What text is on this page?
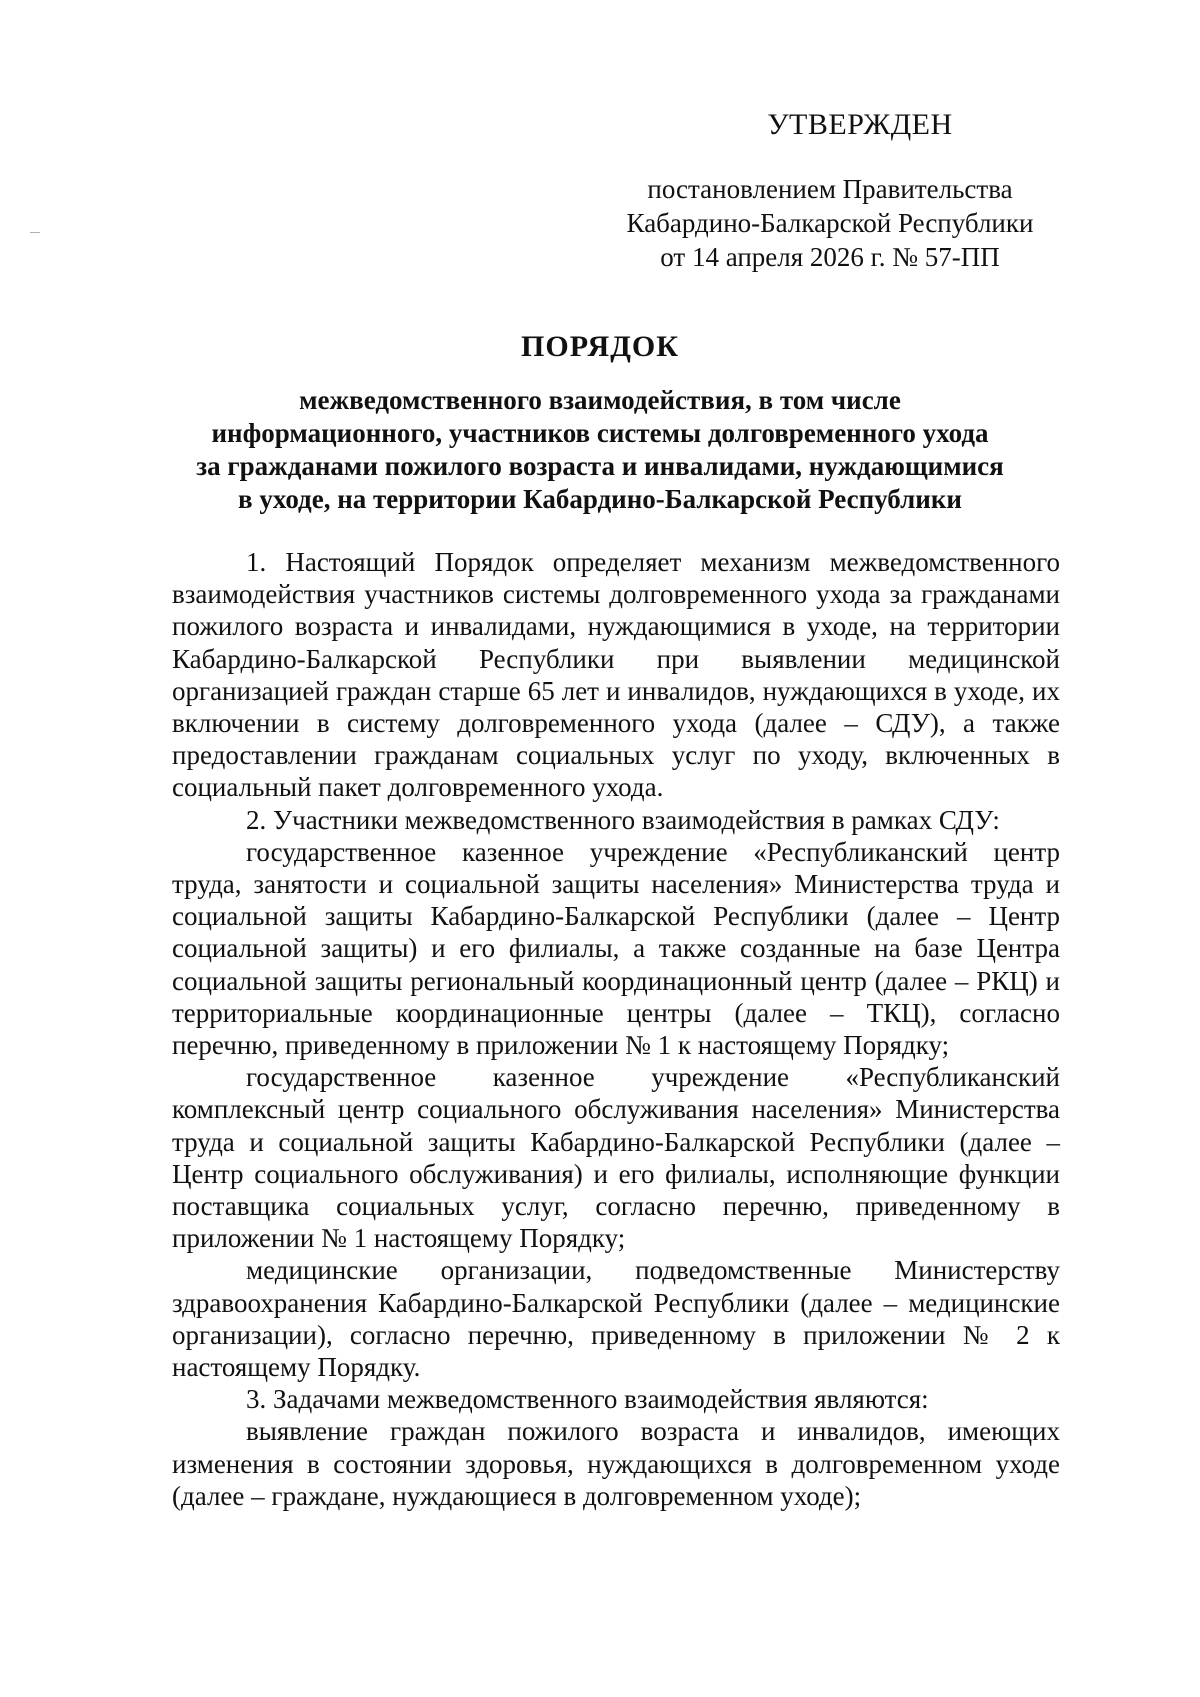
УТВЕРЖДЕН
постановлением Правительства
Кабардино-Балкарской Республики
от 14 апреля 2026 г. № 57-ПП
ПОРЯДОК
межведомственного взаимодействия, в том числе
информационного, участников системы долговременного ухода
за гражданами пожилого возраста и инвалидами, нуждающимися
в уходе, на территории Кабардино-Балкарской Республики

1. Настоящий Порядок определяет механизм межведомственного взаимодействия участников системы долговременного ухода за гражданами пожилого возраста и инвалидами, нуждающимися в уходе, на территории Кабардино-Балкарской Республики при выявлении медицинской организацией граждан старше 65 лет и инвалидов, нуждающихся в уходе, их включении в систему долговременного ухода (далее – СДУ), а также предоставлении гражданам социальных услуг по уходу, включенных в социальный пакет долговременного ухода.

2. Участники межведомственного взаимодействия в рамках СДУ:

государственное казенное учреждение «Республиканский центр труда, занятости и социальной защиты населения» Министерства труда и социальной защиты Кабардино-Балкарской Республики (далее – Центр социальной защиты) и его филиалы, а также созданные на базе Центра социальной защиты региональный координационный центр (далее – РКЦ) и территориальные координационные центры (далее – ТКЦ), согласно перечню, приведенному в приложении № 1 к настоящему Порядку;

государственное казенное учреждение «Республиканский комплексный центр социального обслуживания населения» Министерства труда и социальной защиты Кабардино-Балкарской Республики (далее – Центр социального обслуживания) и его филиалы, исполняющие функции поставщика социальных услуг, согласно перечню, приведенному в приложении № 1 настоящему Порядку;

медицинские организации, подведомственные Министерству здравоохранения Кабардино-Балкарской Республики (далее – медицинские организации), согласно перечню, приведенному в приложении № 2 к настоящему Порядку.

3. Задачами межведомственного взаимодействия являются:

выявление граждан пожилого возраста и инвалидов, имеющих изменения в состоянии здоровья, нуждающихся в долговременном уходе (далее – граждане, нуждающиеся в долговременном уходе);
